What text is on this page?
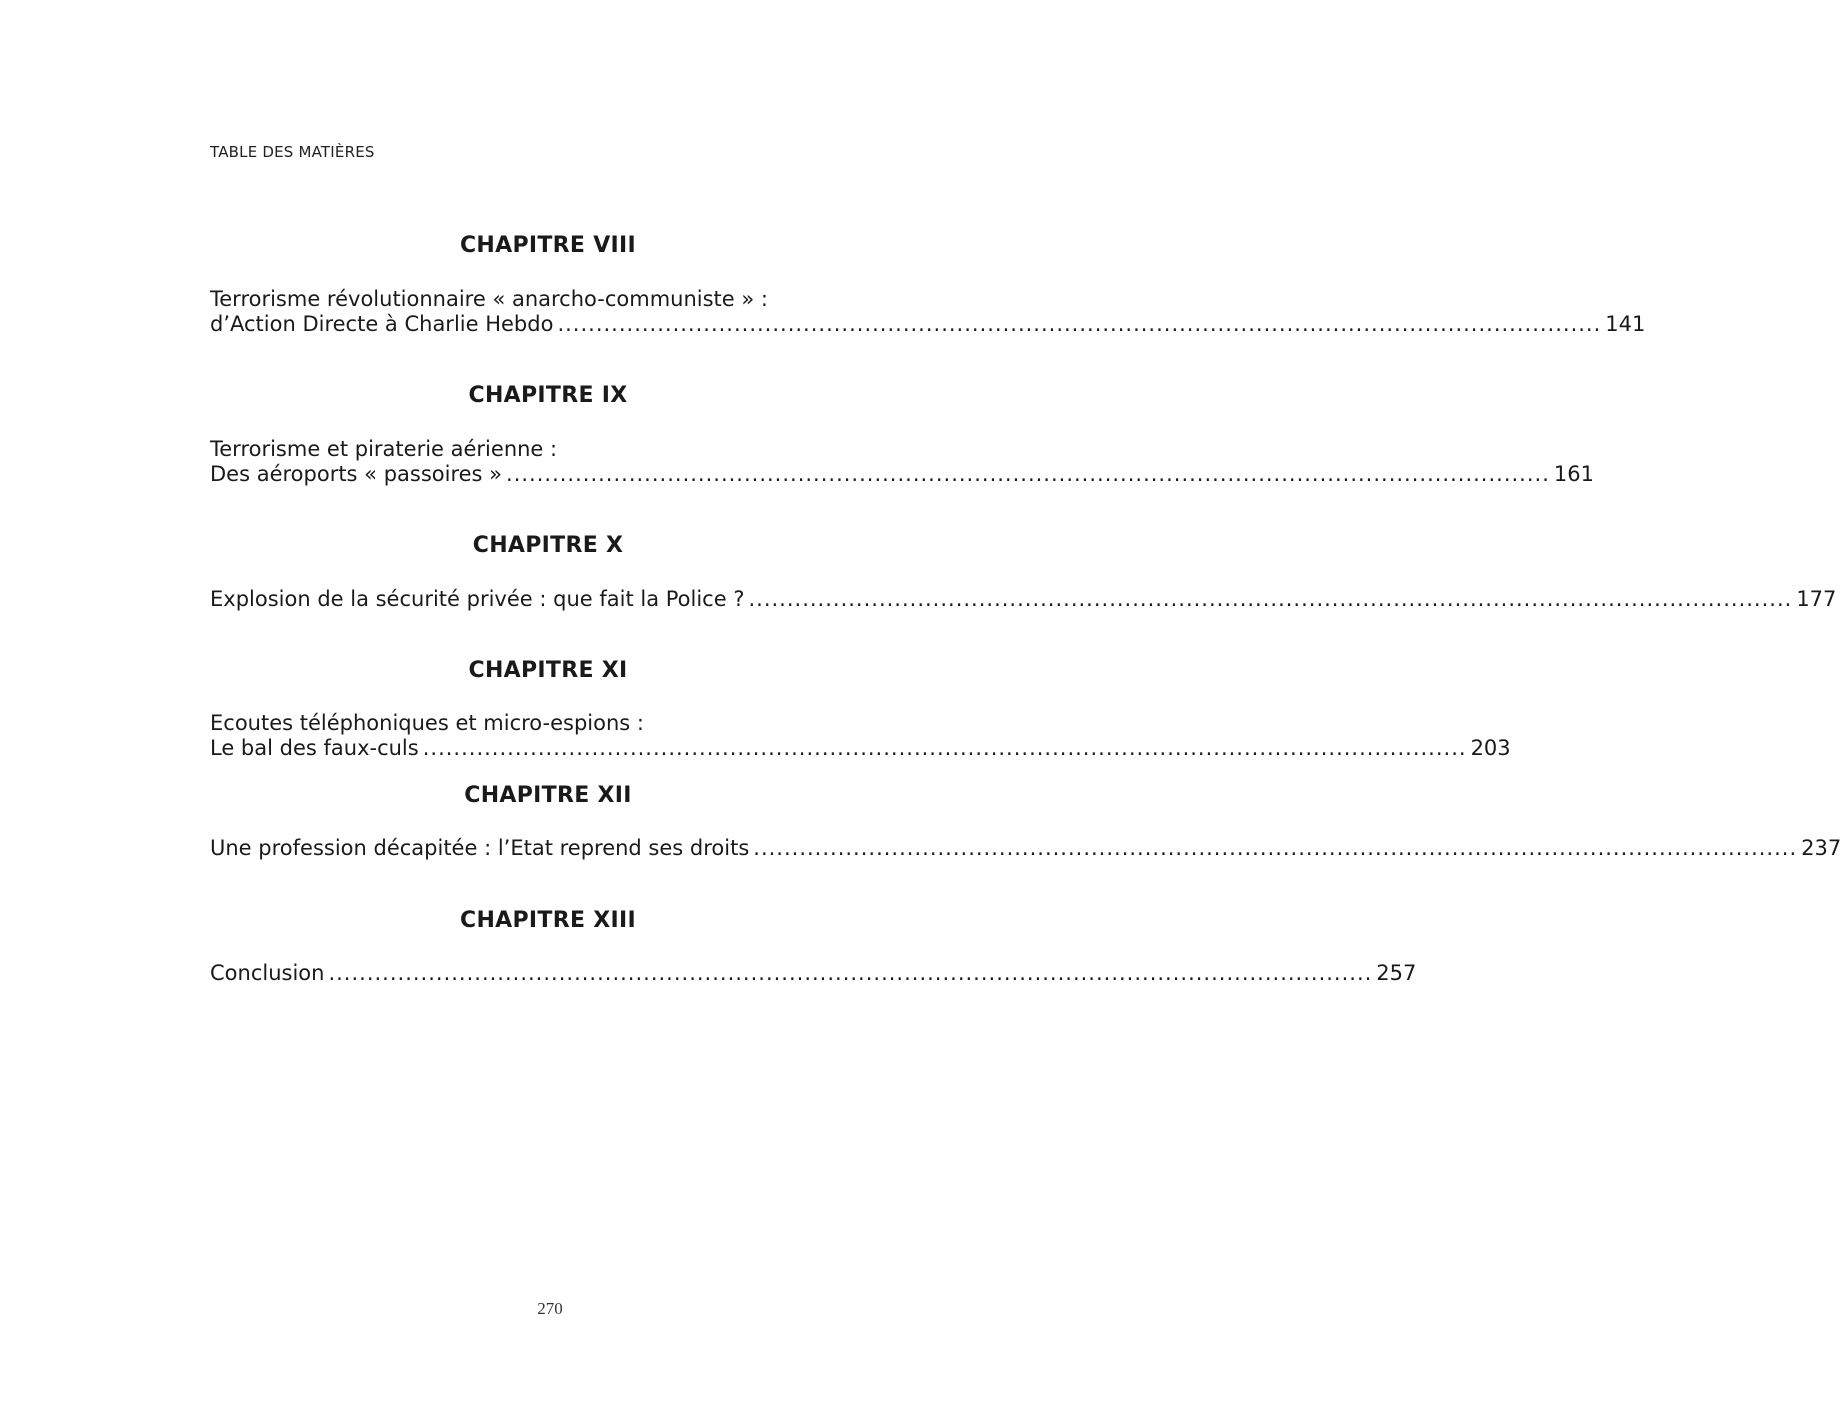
TABLE DES MATIÈRES
CHAPITRE VIII
Terrorisme révolutionnaire « anarcho-communiste » :
d’Action Directe à Charlie Hebdo ........................................................................................................................................ 141
CHAPITRE IX
Terrorisme et piraterie aérienne :
Des aéroports « passoires » ........................................................................................................................................ 161
CHAPITRE X
Explosion de la sécurité privée : que fait la Police ? ........................................................................................................................................ 177
CHAPITRE XI
Ecoutes téléphoniques et micro-espions :
Le bal des faux-culs ........................................................................................................................................ 203
CHAPITRE XII
Une profession décapitée : l’Etat reprend ses droits ........................................................................................................................................ 237
CHAPITRE XIII
Conclusion ........................................................................................................................................ 257
270
